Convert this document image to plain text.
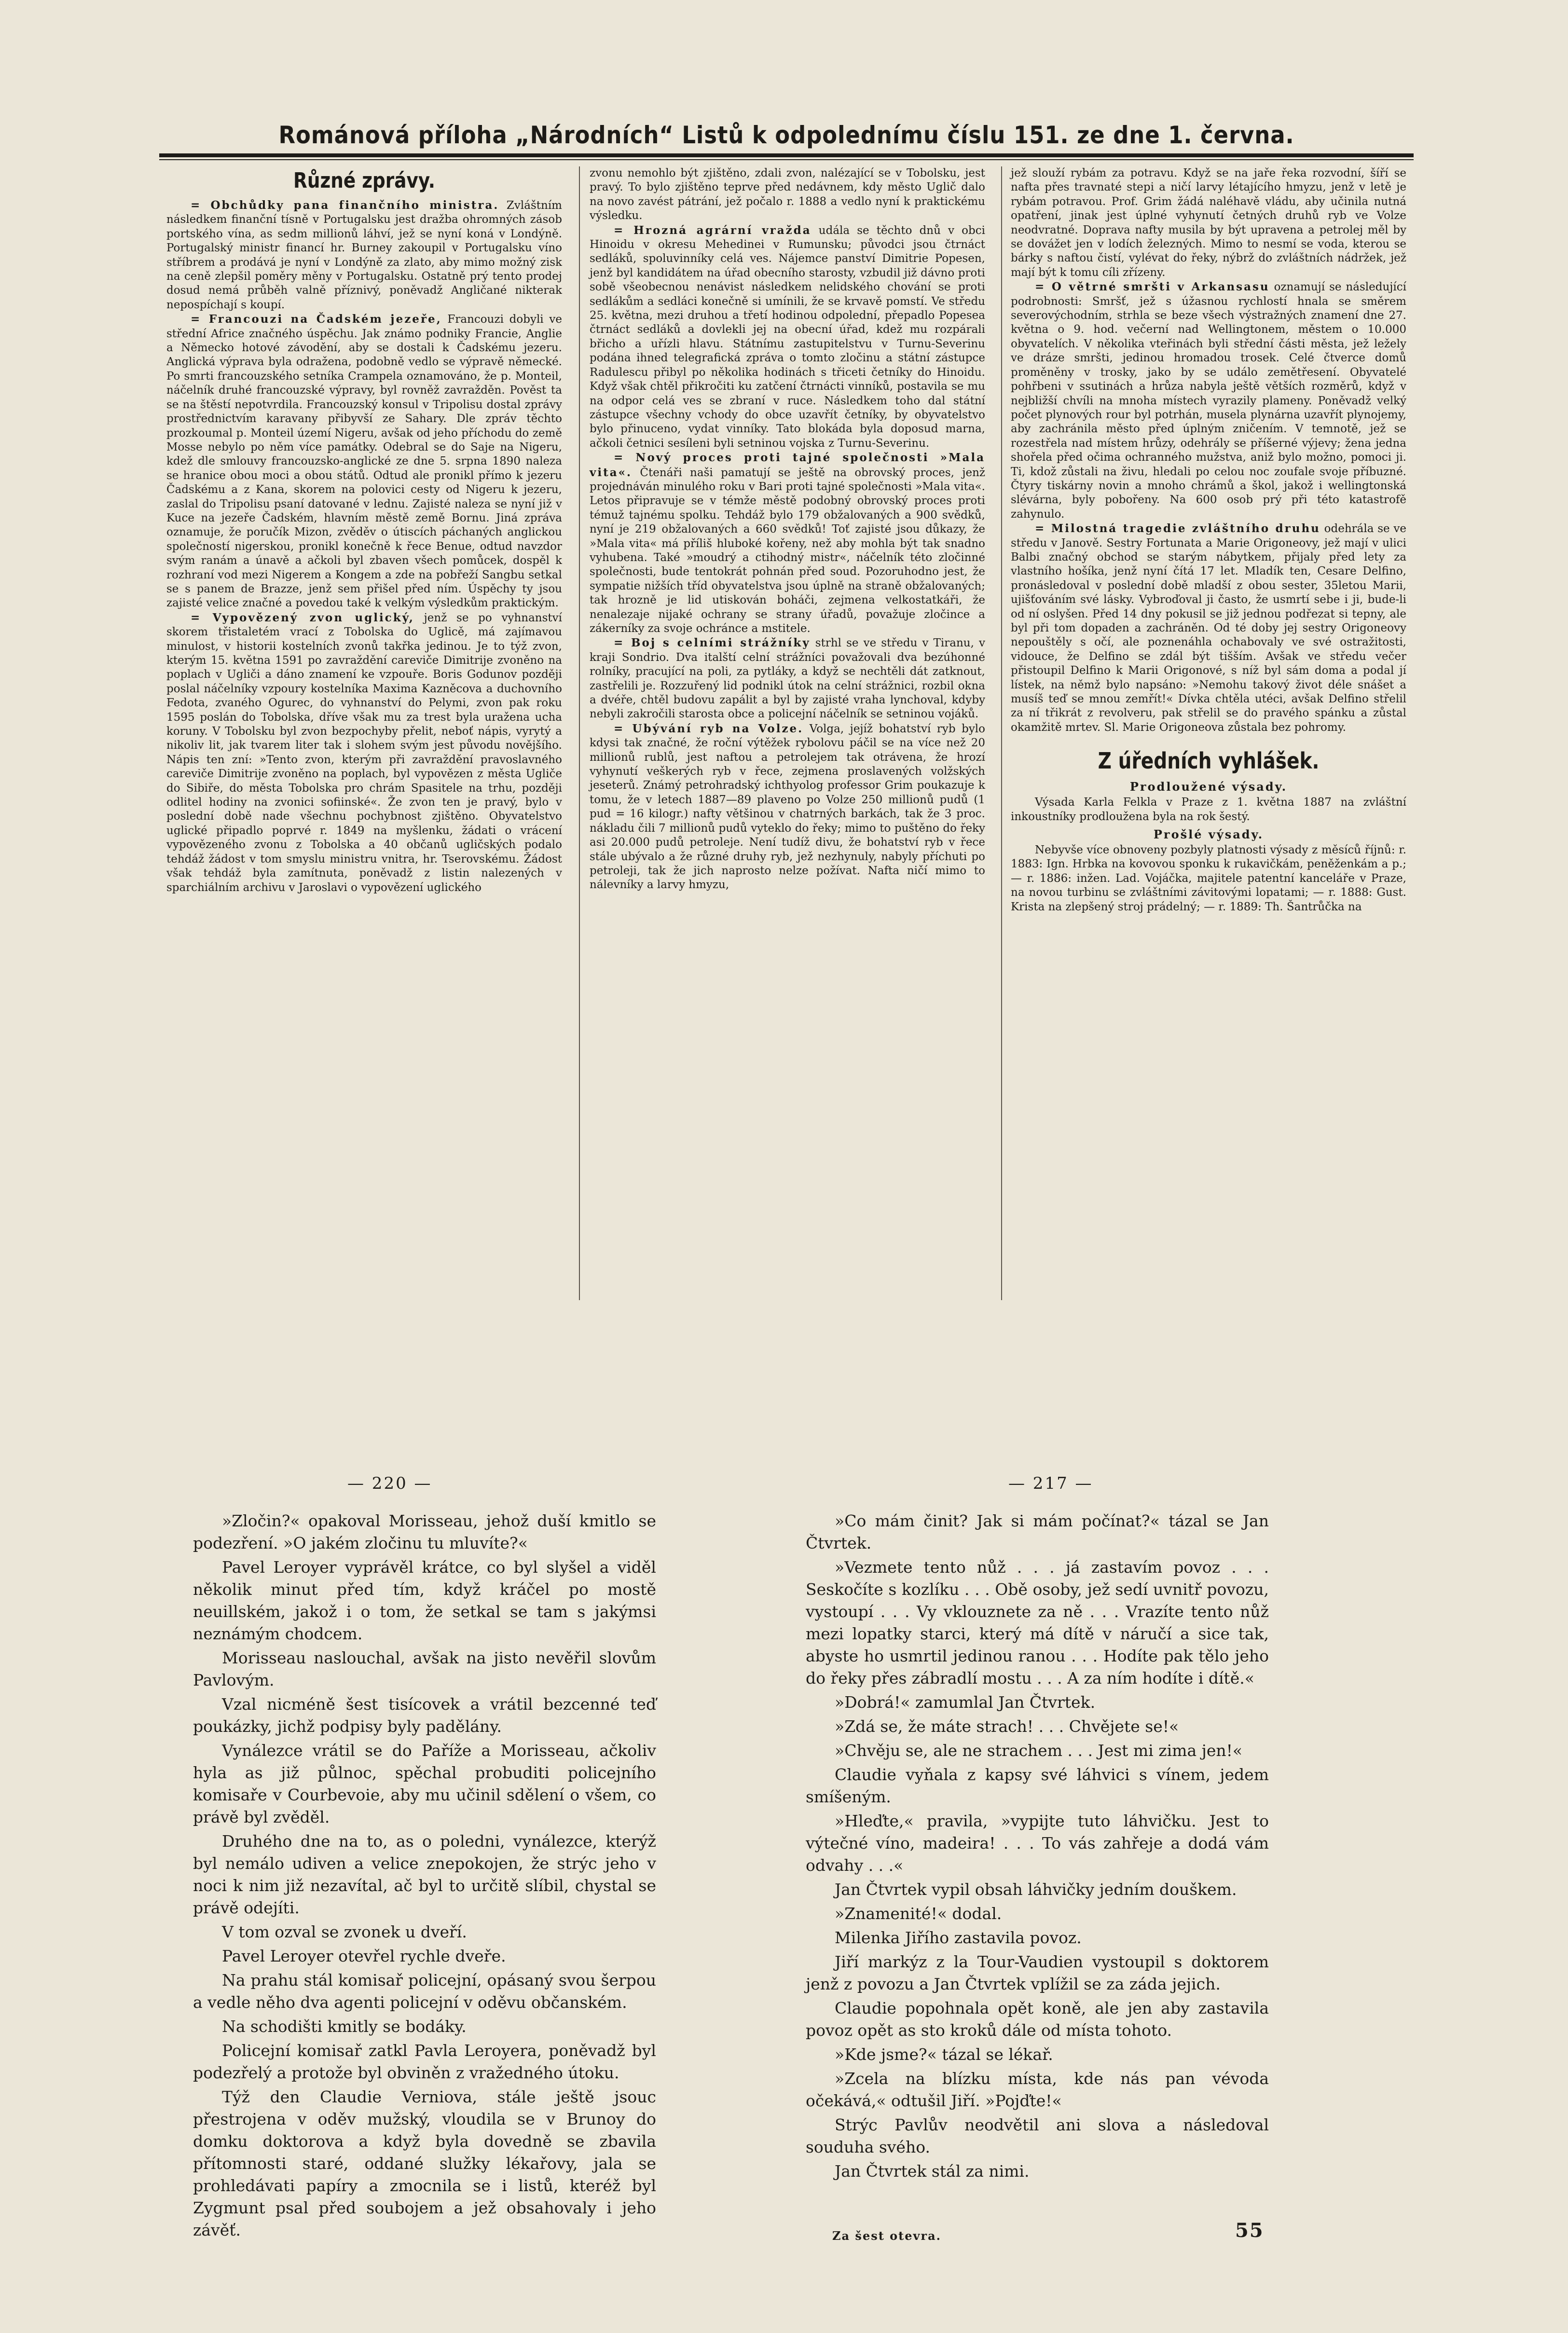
Románová příloha „Národních“ Listů k odpolednímu číslu 151. ze dne 1. června.
Různé zprávy.

= Obchůdky pana finančního ministra. Zvláštním následkem finanční tísně v Portugalsku jest dražba ohromných zásob portského vína, as sedm millionů láhví, jež se nyní koná v Londýně. Portugalský ministr financí hr. Burney zakoupil v Portugalsku víno stříbrem a prodává je nyní v Londýně za zlato, aby mimo možný zisk na ceně zlepšil poměry měny v Portugalsku. Ostatně prý tento prodej dosud nemá průběh valně příznivý, poněvadž Angličané nikterak nepospíchají s koupí.

= Francouzi na Čadském jezeře, Francouzi dobyli ve střední Africe značného úspěchu. Jak známo podniky Francie, Anglie a Německo hotové závodění, aby se dostali k Čadskému jezeru. Anglická výprava byla odražena, podobně vedlo se výpravě německé. Po smrti francouzského setníka Crampela oznamováno, že p. Monteil, náčelník druhé francouzské výpravy, byl rovněž zavražděn. Pověst ta se na štěstí nepotvrdila. Francouzský konsul v Tripolisu dostal zprávy prostřednictvím karavany přibyvší ze Sahary. Dle zpráv těchto prozkoumal p. Monteil území Nigeru, avšak od jeho příchodu do země Mosse nebylo po něm více památky. Odebral se do Saje na Nigeru, kdež dle smlouvy francouzsko-anglické ze dne 5. srpna 1890 naleza se hranice obou moci a obou států. Odtud ale pronikl přímo k jezeru Čadskému a z Kana, skorem na polovici cesty od Nigeru k jezeru, zaslal do Tripolisu psaní datované v lednu. Zajisté naleza se nyní již v Kuce na jezeře Čadském, hlavním městě země Bornu. Jiná zpráva oznamuje, že poručík Mizon, zvěděv o útiscích páchaných anglickou společností nigerskou, pronikl konečně k řece Benue, odtud navzdor svým ranám a únavě a ačkoli byl zbaven všech pomůcek, dospěl k rozhraní vod mezi Nigerem a Kongem a zde na pobřeží Sangbu setkal se s panem de Brazze, jenž sem přišel před ním. Úspěchy ty jsou zajisté velice značné a povedou také k velkým výsledkům praktickým.

= Vypovězený zvon uglický, jenž se po vyhnanství skorem třistaletém vrací z Tobolska do Uglicě, má zajímavou minulost, v historii kostelních zvonů takřka jedinou. Je to týž zvon, kterým 15. května 1591 po zavraždění careviče Dimitrije zvoněno na poplach v Ugliči a dáno znamení ke vzpouře. Boris Godunov později poslal náčelníky vzpoury kostelníka Maxima Kazněcova a duchovního Fedota, zvaného Ogurec, do vyhnanství do Pelymi, zvon pak roku 1595 poslán do Tobolska, dříve však mu za trest byla uražena ucha koruny. V Tobolsku byl zvon bezpochyby přelit, neboť nápis, vyrytý a nikoliv lit, jak tvarem liter tak i slohem svým jest původu novějšího. Nápis ten zní: »Tento zvon, kterým při zavraždění pravoslavného careviče Dimitrije zvoněno na poplach, byl vypovězen z města Ugliče do Sibiře, do města Tobolska pro chrám Spasitele na trhu, později odlitel hodiny na zvonici sofiinské«. Že zvon ten je pravý, bylo v poslední době nade všechnu pochybnost zjištěno. Obyvatelstvo uglické připadlo poprvé r. 1849 na myšlenku, žádati o vrácení vypovězeného zvonu z Tobolska a 40 občanů ugličských podalo tehdáž žádost v tom smyslu ministru vnitra, hr. Tserovskému. Žádost však tehdáž byla zamítnuta, poněvadž z listin nalezených v sparchiálním archivu v Jaroslavi o vypovězení uglického

zvonu nemohlo být zjištěno, zdali zvon, nalézající se v Tobolsku, jest pravý. To bylo zjištěno teprve před nedávnem, kdy město Uglič dalo na novo zavést pátrání, jež počalo r. 1888 a vedlo nyní k praktickému výsledku.

= Hrozná agrární vražda udála se těchto dnů v obci Hinoidu v okresu Mehedinei v Rumunsku; původci jsou čtrnáct sedláků, spoluvinníky celá ves. Nájemce panství Dimitrie Popesen, jenž byl kandidátem na úřad obecního starosty, vzbudil již dávno proti sobě všeobecnou nenávist následkem nelidského chování se proti sedlákům a sedláci konečně si umínili, že se krvavě pomstí. Ve středu 25. května, mezi druhou a třetí hodinou odpolední, přepadlo Popesea čtrnáct sedláků a dovlekli jej na obecní úřad, kdež mu rozpárali břicho a uřízli hlavu. Státnímu zastupitelstvu v Turnu-Severinu podána ihned telegrafická zpráva o tomto zločinu a státní zástupce Radulescu přibyl po několika hodinách s třiceti četníky do Hinoidu. Když však chtěl přikročiti ku zatčení čtrnácti vinníků, postavila se mu na odpor celá ves se zbraní v ruce. Následkem toho dal státní zástupce všechny vchody do obce uzavřít četníky, by obyvatelstvo bylo přinuceno, vydat vinníky. Tato blokáda byla doposud marna, ačkoli četnici sesíleni byli setninou vojska z Turnu-Severinu.

= Nový proces proti tajné společnosti »Mala vita«. Čtenáři naši pamatují se ještě na obrovský proces, jenž projednáván minulého roku v Bari proti tajné společnosti »Mala vita«. Letos připravuje se v témže městě podobný obrovský proces proti témuž tajnému spolku. Tehdáž bylo 179 obžalovaných a 900 svědků, nyní je 219 obžalovaných a 660 svědků! Toť zajisté jsou důkazy, že »Mala vita« má příliš hluboké kořeny, než aby mohla být tak snadno vyhubena. Také »moudrý a ctihodný mistr«, náčelník této zločinné společnosti, bude tentokrát pohnán před soud. Pozoruhodno jest, že sympatie nižších tříd obyvatelstva jsou úplně na straně obžalovaných; tak hrozně je lid utiskován boháči, zejmena velkostatkáři, že nenalezaje nijaké ochrany se strany úřadů, považuje zločince a zákerníky za svoje ochránce a mstitele.

= Boj s celními strážníky strhl se ve středu v Tiranu, v kraji Sondrio. Dva italští celní strážníci považovali dva bezúhonné rolníky, pracující na poli, za pytláky, a když se nechtěli dát zatknout, zastřelili je. Rozzuřený lid podnikl útok na celní strážnici, rozbil okna a dvéře, chtěl budovu zapálit a byl by zajisté vraha lynchoval, kdyby nebyli zakročili starosta obce a policejní náčelník se setninou vojáků.

= Ubývání ryb na Volze. Volga, jejíž bohatství ryb bylo kdysi tak značné, že roční výtěžek rybolovu páčil se na více než 20 millionů rublů, jest naftou a petrolejem tak otrávena, že hrozí vyhynutí veškerých ryb v řece, zejmena proslavených volžských jeseterů. Známý petrohradský ichthyolog professor Grim poukazuje k tomu, že v letech 1887—89 plaveno po Volze 250 millionů pudů (1 pud = 16 kilogr.) nafty většinou v chatrných barkách, tak že 3 proc. nákladu čili 7 millionů pudů vyteklo do řeky; mimo to puštěno do řeky asi 20.000 pudů petroleje. Není tudíž divu, že bohatství ryb v řece stále ubývalo a že různé druhy ryb, jež nezhynuly, nabyly příchuti po petroleji, tak že jich naprosto nelze požívat. Nafta ničí mimo to nálevníky a larvy hmyzu,

jež slouží rybám za potravu. Když se na jaře řeka rozvodní, šíří se nafta přes travnaté stepi a ničí larvy létajícího hmyzu, jenž v letě je rybám potravou. Prof. Grim žádá naléhavě vládu, aby učinila nutná opatření, jinak jest úplné vyhynutí četných druhů ryb ve Volze neodvratné. Doprava nafty musila by být upravena a petrolej měl by se dovážet jen v lodích železných. Mimo to nesmí se voda, kterou se bárky s naftou čistí, vylévat do řeky, nýbrž do zvláštních nádržek, jež mají být k tomu cíli zřízeny.

= O větrné smršti v Arkansasu oznamují se následující podrobnosti: Smršť, jež s úžasnou rychlostí hnala se směrem severovýchodním, strhla se beze všech výstražných znamení dne 27. května o 9. hod. večerní nad Wellingtonem, městem o 10.000 obyvatelích. V několika vteřinách byli střední části města, jež ležely ve dráze smršti, jedinou hromadou trosek. Celé čtverce domů proměněny v trosky, jako by se událo zemětřesení. Obyvatelé pohřbeni v ssutinách a hrůza nabyla ještě větších rozměrů, když v nejbližší chvíli na mnoha místech vyrazily plameny. Poněvadž velký počet plynových rour byl potrhán, musela plynárna uzavřít plynojemy, aby zachránila město před úplným zničením. V temnotě, jež se rozestřela nad místem hrůzy, odehrály se příšerné výjevy; žena jedna shořela před očima ochranného mužstva, aniž bylo možno, pomoci ji. Ti, kdož zůstali na živu, hledali po celou noc zoufale svoje příbuzné. Čtyry tiskárny novin a mnoho chrámů a škol, jakož i wellingtonská slévárna, byly pobořeny. Na 600 osob prý při této katastrofě zahynulo.

= Milostná tragedie zvláštního druhu odehrála se ve středu v Janově. Sestry Fortunata a Marie Origoneovy, jež mají v ulici Balbi značný obchod se starým nábytkem, přijaly před lety za vlastního hošíka, jenž nyní čítá 17 let. Mladík ten, Cesare Delfino, pronásledoval v poslední době mladší z obou sester, 35letou Marii, ujišťováním své lásky. Vybroďoval ji často, že usmrtí sebe i ji, bude-li od ní oslyšen. Před 14 dny pokusil se již jednou podřezat si tepny, ale byl při tom dopaden a zachráněn. Od té doby jej sestry Origoneovy nepouštěly s očí, ale poznenáhla ochabovaly ve své ostražitosti, vidouce, že Delfino se zdál být tišším. Avšak ve středu večer přistoupil Delfino k Marii Origonové, s níž byl sám doma a podal jí lístek, na němž bylo napsáno: »Nemohu takový život déle snášet a musíš teď se mnou zemřít!« Dívka chtěla utéci, avšak Delfino střelil za ní třikrát z revolveru, pak střelil se do pravého spánku a zůstal okamžitě mrtev. Sl. Marie Origoneova zůstala bez pohromy.

Z úředních vyhlášek.
Prodloužené výsady.

Výsada Karla Felkla v Praze z 1. května 1887 na zvláštní inkoustníky prodloužena byla na rok šestý.

Prošlé výsady.

Nebyvše více obnoveny pozbyly platnosti výsady z měsíců říjnů: r. 1883: Ign. Hrbka na kovovou sponku k rukavičkám, peněženkám a p.; — r. 1886: inžen. Lad. Vojáčka, majitele patentní kanceláře v Praze, na novou turbinu se zvláštními závitovými lopatami; — r. 1888: Gust. Krista na zlepšený stroj prádelný; — r. 1889: Th. Šantrůčka na

— 220 —	— 217 —

»Zločin?« opakoval Morisseau, jehož duší kmitlo se podezření. »O jakém zločinu tu mluvíte?«

Pavel Leroyer vyprávěl krátce, co byl slyšel a viděl několik minut před tím, když kráčel po mostě neuillském, jakož i o tom, že setkal se tam s jakýmsi neznámým chodcem.

Morisseau naslouchal, avšak na jisto nevěřil slovům Pavlovým.

Vzal nicméně šest tisícovek a vrátil bezcenné teď poukázky, jichž podpisy byly padělány.

Vynálezce vrátil se do Paříže a Morisseau, ačkoliv hyla as již půlnoc, spěchal probuditi policejního komisaře v Courbevoie, aby mu učinil sdělení o všem, co právě byl zvěděl.

Druhého dne na to, as o poledni, vynálezce, kterýž byl nemálo udiven a velice znepokojen, že strýc jeho v noci k nim již nezavítal, ač byl to určitě slíbil, chystal se právě odejíti.

V tom ozval se zvonek u dveří.

Pavel Leroyer otevřel rychle dveře.

Na prahu stál komisař policejní, opásaný svou šerpou a vedle něho dva agenti policejní v oděvu občanském.

Na schodišti kmitly se bodáky.

Policejní komisař zatkl Pavla Leroyera, poněvadž byl podezřelý a protože byl obviněn z vražedného útoku.

Týž den Claudie Verniova, stále ještě jsouc přestrojena v oděv mužský, vloudila se v Brunoy do domku doktorova a když byla dovedně se zbavila přítomnosti staré, oddané služky lékařovy, jala se prohledávati papíry a zmocnila se i listů, kteréž byl Zygmunt psal před soubojem a jež obsahovaly i jeho závěť.

»Co mám činit? Jak si mám počínat?« tázal se Jan Čtvrtek.

»Vezmete tento nůž . . . já zastavím povoz . . . Seskočíte s kozlíku . . . Obě osoby, jež sedí uvnitř povozu, vystoupí . . . Vy vklouznete za ně . . . Vrazíte tento nůž mezi lopatky starci, který má dítě v náručí a sice tak, abyste ho usmrtil jedinou ranou . . . Hodíte pak tělo jeho do řeky přes zábradlí mostu . . . A za ním hodíte i dítě.«

»Dobrá!« zamumlal Jan Čtvrtek.

»Zdá se, že máte strach! . . . Chvějete se!«

»Chvěju se, ale ne strachem . . . Jest mi zima jen!«

Claudie vyňala z kapsy své láhvici s vínem, jedem smíšeným.

»Hleďte,« pravila, »vypijte tuto láhvičku. Jest to výtečné víno, madeira! . . . To vás zahřeje a dodá vám odvahy . . .«

Jan Čtvrtek vypil obsah láhvičky jedním douškem.

»Znamenité!« dodal.

Milenka Jiřího zastavila povoz.

Jiří markýz z la Tour-Vaudien vystoupil s doktorem jenž z povozu a Jan Čtvrtek vplížil se za záda jejich.

Claudie popohnala opět koně, ale jen aby zastavila povoz opět as sto kroků dále od místa tohoto.

»Kde jsme?« tázal se lékař.

»Zcela na blízku místa, kde nás pan vévoda očekává,« odtušil Jiří. »Pojďte!«

Strýc Pavlův neodvětil ani slova a následoval souduha svého.

Jan Čtvrtek stál za nimi.

Za šest otevra.	55
